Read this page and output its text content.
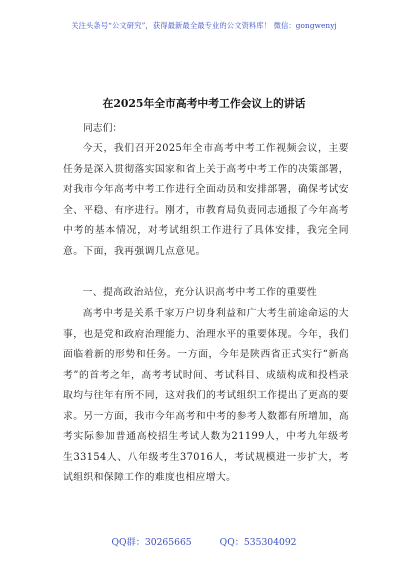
关注头条号“公文研究”，获得最新最全最专业的公文资料库！ 微信：gongwenyj
在2025年全市高考中考工作会议上的讲话
同志们：

今天，我们召开2025年全市高考中考工作视频会议，主要任务是深入贯彻落实国家和省上关于高考中考工作的决策部署，对我市今年高考中考工作进行全面动员和安排部署，确保考试安全、平稳、有序进行。刚才，市教育局负责同志通报了今年高考中考的基本情况，对考试组织工作进行了具体安排，我完全同意。下面，我再强调几点意见。

一、提高政治站位，充分认识高考中考工作的重要性

高考中考是关系千家万户切身利益和广大考生前途命运的大事，也是党和政府治理能力、治理水平的重要体现。今年，我们面临着新的形势和任务。一方面，今年是陕西省正式实行“新高考”的首考之年，高考考试时间、考试科目、成绩构成和投档录取均与往年有所不同，这对我们的考试组织工作提出了更高的要求。另一方面，我市今年高考和中考的参考人数都有所增加，高考实际参加普通高校招生考试人数为21199人，中考九年级考生33154人、八年级考生37016人，考试规模进一步扩大，考试组织和保障工作的难度也相应增大。

QQ群：30265665	QQ：535304092
